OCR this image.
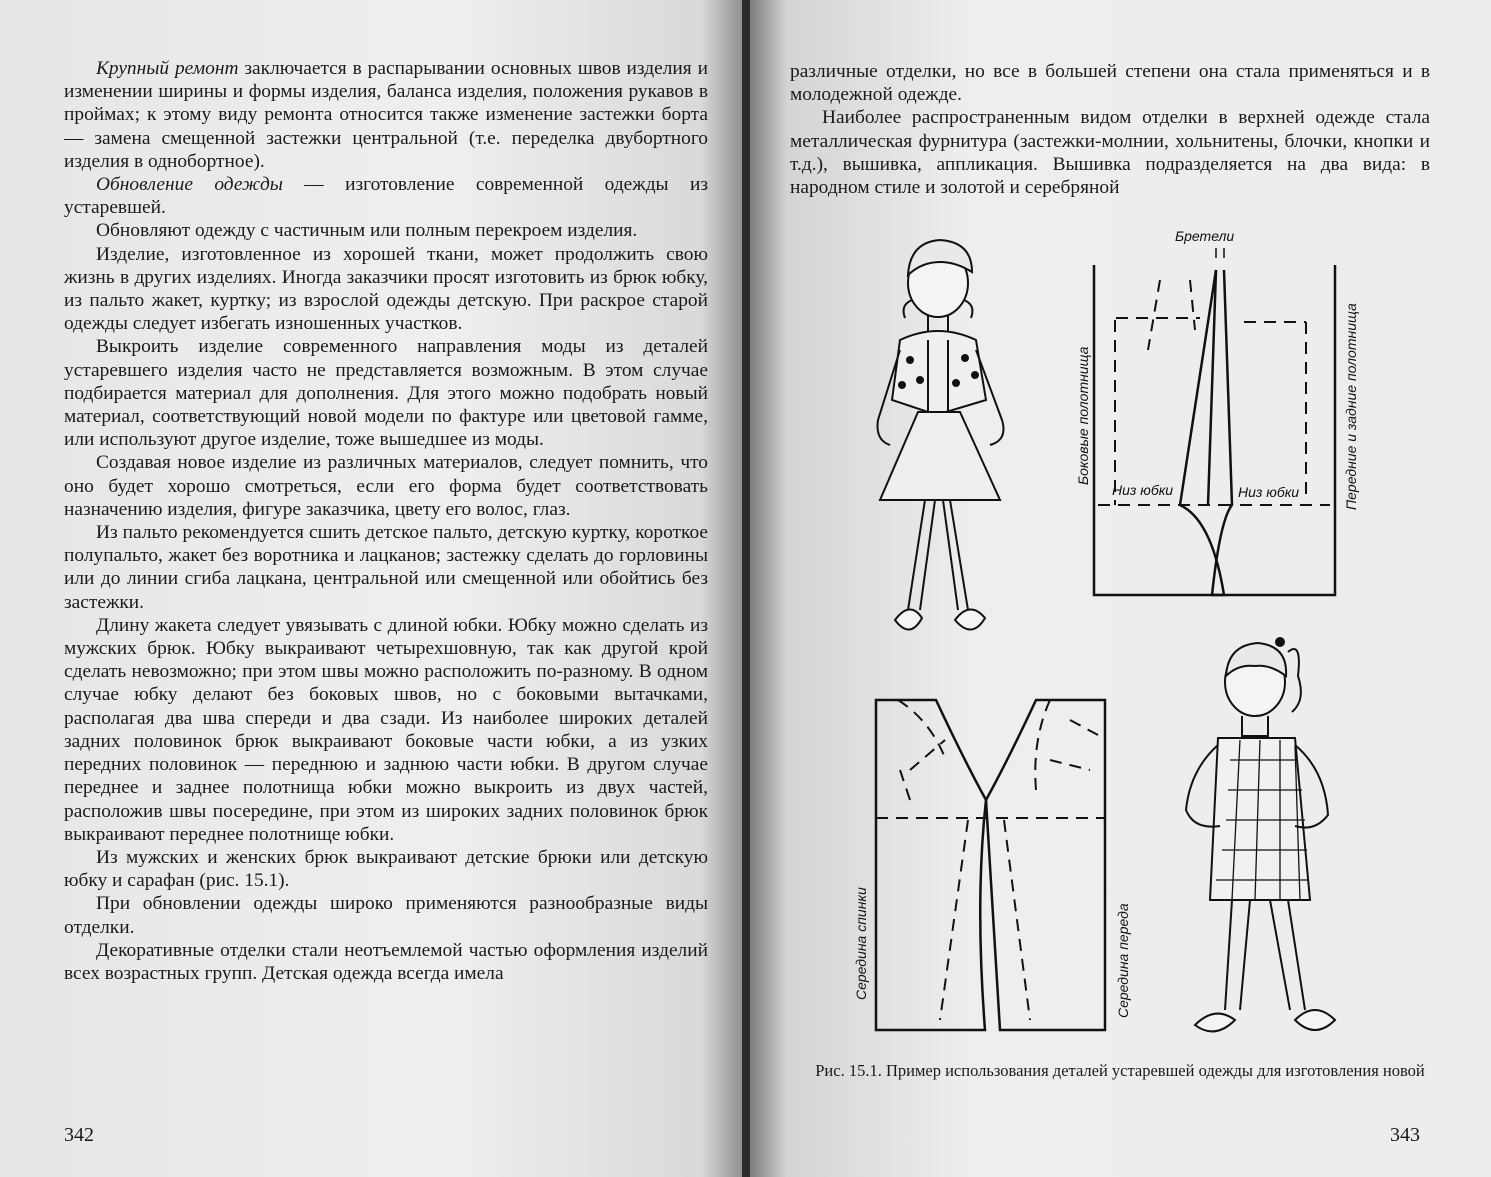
Крупный ремонт заключается в распарывании основных швов изделия и изменении ширины и формы изделия, баланса изделия, положения рукавов в проймах; к этому виду ремонта относится также изменение застежки борта — замена смещенной застежки центральной (т.е. переделка двубортного изделия в однобортное).

Обновление одежды — изготовление современной одежды из устаревшей.

Обновляют одежду с частичным или полным перекроем изделия.

Изделие, изготовленное из хорошей ткани, может продолжить свою жизнь в других изделиях. Иногда заказчики просят изготовить из брюк юбку, из пальто жакет, куртку; из взрослой одежды детскую. При раскрое старой одежды следует избегать изношенных участков.

Выкроить изделие современного направления моды из деталей устаревшего изделия часто не представляется возможным. В этом случае подбирается материал для дополнения. Для этого можно подобрать новый материал, соответствующий новой модели по фактуре или цветовой гамме, или используют другое изделие, тоже вышедшее из моды.

Создавая новое изделие из различных материалов, следует помнить, что оно будет хорошо смотреться, если его форма будет соответствовать назначению изделия, фигуре заказчика, цвету его волос, глаз.

Из пальто рекомендуется сшить детское пальто, детскую куртку, короткое полупальто, жакет без воротника и лацканов; застежку сделать до горловины или до линии сгиба лацкана, центральной или смещенной или обойтись без застежки.

Длину жакета следует увязывать с длиной юбки. Юбку можно сделать из мужских брюк. Юбку выкраивают четырехшовную, так как другой крой сделать невозможно; при этом швы можно расположить по-разному. В одном случае юбку делают без боковых швов, но с боковыми вытачками, располагая два шва спереди и два сзади. Из наиболее широких деталей задних половинок брюк выкраивают боковые части юбки, а из узких передних половинок — переднюю и заднюю части юбки. В другом случае переднее и заднее полотнища юбки можно выкроить из двух частей, расположив швы посередине, при этом из широких задних половинок брюк выкраивают переднее полотнище юбки.

Из мужских и женских брюк выкраивают детские брюки или детскую юбку и сарафан (рис. 15.1).

При обновлении одежды широко применяются разнообразные виды отделки.

Декоративные отделки стали неотъемлемой частью оформления изделий всех возрастных групп. Детская одежда всегда имела

342

различные отделки, но все в большей степени она стала применяться и в молодежной одежде.

Наиболее распространенным видом отделки в верхней одежде стала металлическая фурнитура (застежки-молнии, хольнитены, блочки, кнопки и т.д.), вышивка, аппликация. Вышивка подразделяется на два вида: в народном стиле и золотой и серебряной

Бретели
Боковые полотнища	Передние и задние полотнища
Низ юбки	Низ юбки
Середина спинки	Середина переда
Рис. 15.1. Пример использования деталей устаревшей одежды для изготовления новой
343
